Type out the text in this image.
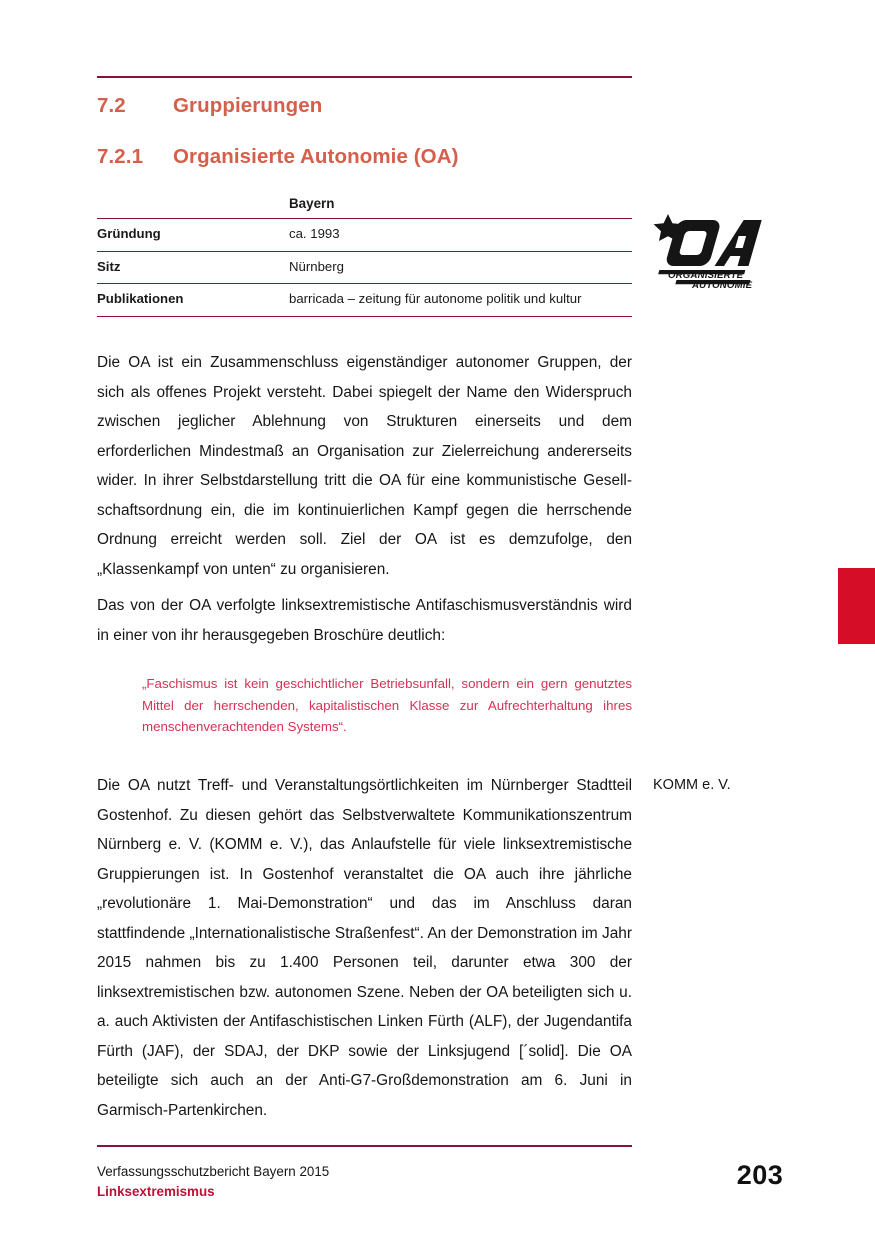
7.2 Gruppierungen
7.2.1 Organisierte Autonomie (OA)
	Bayern
Gründung	ca. 1993
Sitz	Nürnberg
Publikationen	barricada – zeitung für autonome politik und kultur
ORGANISIERTE
AUTONOMIE

Die OA ist ein Zusammenschluss eigenständiger autonomer Gruppen, der sich als offenes Projekt versteht. Dabei spiegelt der Name den Widerspruch zwischen jeglicher Ablehnung von Strukturen einerseits und dem erforderlichen Mindestmaß an Organisation zur Zielerreichung andererseits wider. In ihrer Selbstdarstellung tritt die OA für eine kommunistische Gesellschaftsordnung ein, die im kontinuierlichen Kampf gegen die herrschende Ordnung erreicht werden soll. Ziel der OA ist es demzufolge, den „Klassenkampf von unten“ zu organisieren.

Das von der OA verfolgte linksextremistische Antifaschismusverständnis wird in einer von ihr herausgegeben Broschüre deutlich:

„Faschismus ist kein geschichtlicher Betriebsunfall, sondern ein gern genutztes Mittel der herrschenden, kapitalistischen Klasse zur Aufrechterhaltung ihres menschenverachtenden Systems“.

Die OA nutzt Treff- und Veranstaltungsörtlichkeiten im Nürnberger Stadtteil Gostenhof. Zu diesen gehört das Selbstverwaltete Kommunikationszentrum Nürnberg e. V. (KOMM e. V.), das Anlaufstelle für viele linksextremistische Gruppierungen ist. In Gostenhof veranstaltet die OA auch ihre jährliche „revolutionäre 1. Mai-Demonstration“ und das im Anschluss daran stattfindende „Internationalistische Straßenfest“. An der Demonstration im Jahr 2015 nahmen bis zu 1.400 Personen teil, darunter etwa 300 der linksextremistischen bzw. autonomen Szene. Neben der OA beteiligten sich u. a. auch Aktivisten der Antifaschistischen Linken Fürth (ALF), der Jugendantifa Fürth (JAF), der SDAJ, der DKP sowie der Linksjugend [´solid]. Die OA beteiligte sich auch an der Anti-G7-Großdemonstration am 6. Juni in Garmisch-Partenkirchen.

KOMM e. V.
Verfassungsschutzbericht Bayern 2015
Linksextremismus
203
